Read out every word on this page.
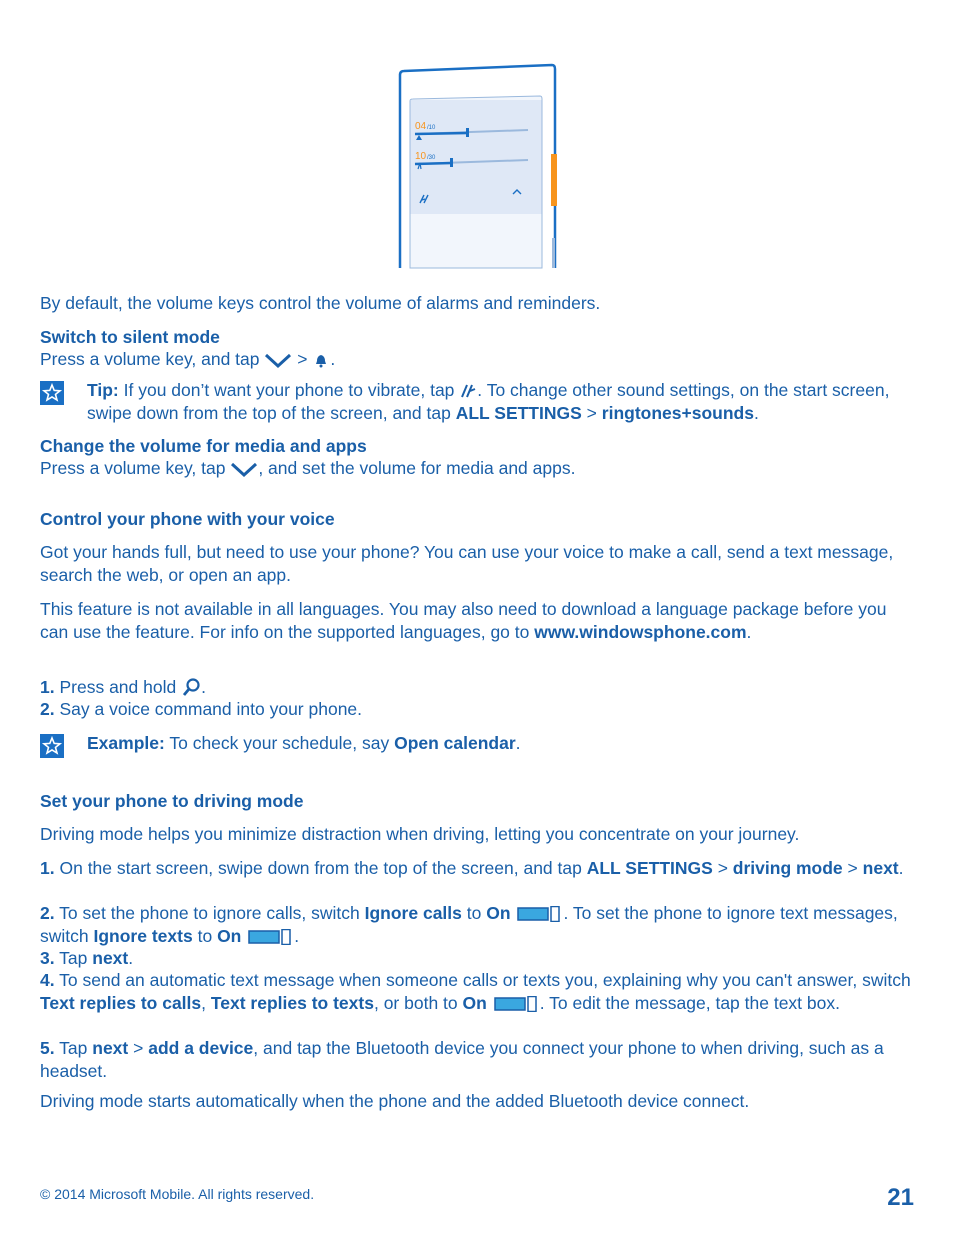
04 /10
10 /30

By default, the volume keys control the volume of alarms and reminders.

Switch to silent mode

Press a volume key, and tap > .

Tip: If you don’t want your phone to vibrate, tap . To change other sound settings, on the start screen, swipe down from the top of the screen, and tap ALL SETTINGS > ringtones+sounds.

Change the volume for media and apps

Press a volume key, tap , and set the volume for media and apps.

Control your phone with your voice

Got your hands full, but need to use your phone? You can use your voice to make a call, send a text message, search the web, or open an app.

This feature is not available in all languages. You may also need to download a language package before you can use the feature. For info on the supported languages, go to www.windowsphone.com.

1. Press and hold .

2. Say a voice command into your phone.

Example: To check your schedule, say Open calendar.

Set your phone to driving mode

Driving mode helps you minimize distraction when driving, letting you concentrate on your journey.

1. On the start screen, swipe down from the top of the screen, and tap ALL SETTINGS > driving mode > next.

2. To set the phone to ignore calls, switch Ignore calls to On	. To set the phone to ignore text messages, switch Ignore texts to On	.

3. Tap next.

4. To send an automatic text message when someone calls or texts you, explaining why you can't answer, switch Text replies to calls, Text replies to texts, or both to On	. To edit the message, tap the text box.

5. Tap next > add a device, and tap the Bluetooth device you connect your phone to when driving, such as a headset.

Driving mode starts automatically when the phone and the added Bluetooth device connect.

© 2014 Microsoft Mobile. All rights reserved.	21
